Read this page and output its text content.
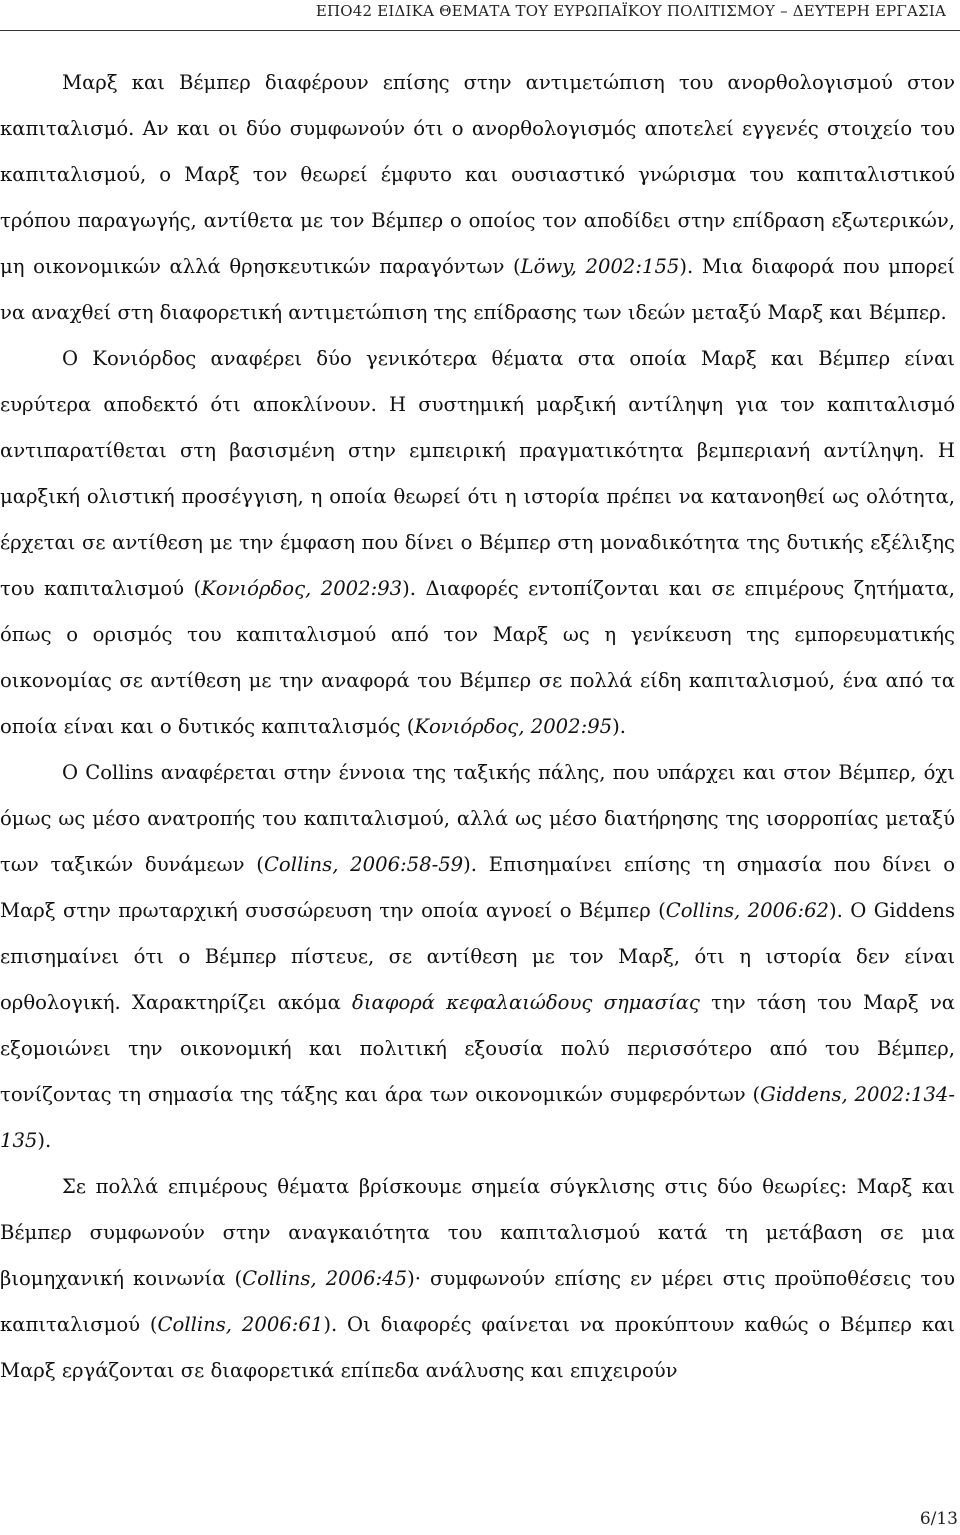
ΕΠΟ42 ΕΙΔΙΚΑ ΘΕΜΑΤΑ ΤΟΥ ΕΥΡΩΠΑΪΚΟΥ ΠΟΛΙΤΙΣΜΟΥ – ΔΕΥΤΕΡΗ ΕΡΓΑΣΙΑ

Μαρξ και Βέμπερ διαφέρουν επίσης στην αντιμετώπιση του ανορθολογισμού στον καπιταλισμό. Αν και οι δύο συμφωνούν ότι ο ανορθολογισμός αποτελεί εγγενές στοιχείο του καπιταλισμού, ο Μαρξ τον θεωρεί έμφυτο και ουσιαστικό γνώρισμα του καπιταλιστικού τρόπου παραγωγής, αντίθετα με τον Βέμπερ ο οποίος τον αποδίδει στην επίδραση εξωτερικών, μη οικονομικών αλλά θρησκευτικών παραγόντων (Löwy, 2002:155). Μια διαφορά που μπορεί να αναχθεί στη διαφορετική αντιμετώπιση της επίδρασης των ιδεών μεταξύ Μαρξ και Βέμπερ.

Ο Κονιόρδος αναφέρει δύο γενικότερα θέματα στα οποία Μαρξ και Βέμπερ είναι ευρύτερα αποδεκτό ότι αποκλίνουν. Η συστημική μαρξική αντίληψη για τον καπιταλισμό αντιπαρατίθεται στη βασισμένη στην εμπειρική πραγματικότητα βεμπεριανή αντίληψη. Η μαρξική ολιστική προσέγγιση, η οποία θεωρεί ότι η ιστορία πρέπει να κατανοηθεί ως ολότητα, έρχεται σε αντίθεση με την έμφαση που δίνει ο Βέμπερ στη μοναδικότητα της δυτικής εξέλιξης του καπιταλισμού (Κονιόρδος, 2002:93). Διαφορές εντοπίζονται και σε επιμέρους ζητήματα, όπως ο ορισμός του καπιταλισμού από τον Μαρξ ως η γενίκευση της εμπορευματικής οικονομίας σε αντίθεση με την αναφορά του Βέμπερ σε πολλά είδη καπιταλισμού, ένα από τα οποία είναι και ο δυτικός καπιταλισμός (Κονιόρδος, 2002:95).

Ο Collins αναφέρεται στην έννοια της ταξικής πάλης, που υπάρχει και στον Βέμπερ, όχι όμως ως μέσο ανατροπής του καπιταλισμού, αλλά ως μέσο διατήρησης της ισορροπίας μεταξύ των ταξικών δυνάμεων (Collins, 2006:58-59). Επισημαίνει επίσης τη σημασία που δίνει ο Μαρξ στην πρωταρχική συσσώρευση την οποία αγνοεί ο Βέμπερ (Collins, 2006:62). Ο Giddens επισημαίνει ότι ο Βέμπερ πίστευε, σε αντίθεση με τον Μαρξ, ότι η ιστορία δεν είναι ορθολογική. Χαρακτηρίζει ακόμα διαφορά κεφαλαιώδους σημασίας την τάση του Μαρξ να εξομοιώνει την οικονομική και πολιτική εξουσία πολύ περισσότερο από του Βέμπερ, τονίζοντας τη σημασία της τάξης και άρα των οικονομικών συμφερόντων (Giddens, 2002:134-135).

Σε πολλά επιμέρους θέματα βρίσκουμε σημεία σύγκλισης στις δύο θεωρίες: Μαρξ και Βέμπερ συμφωνούν στην αναγκαιότητα του καπιταλισμού κατά τη μετάβαση σε μια βιομηχανική κοινωνία (Collins, 2006:45)· συμφωνούν επίσης εν μέρει στις προϋποθέσεις του καπιταλισμού (Collins, 2006:61). Οι διαφορές φαίνεται να προκύπτουν καθώς ο Βέμπερ και Μαρξ εργάζονται σε διαφορετικά επίπεδα ανάλυσης και επιχειρούν

6/13
